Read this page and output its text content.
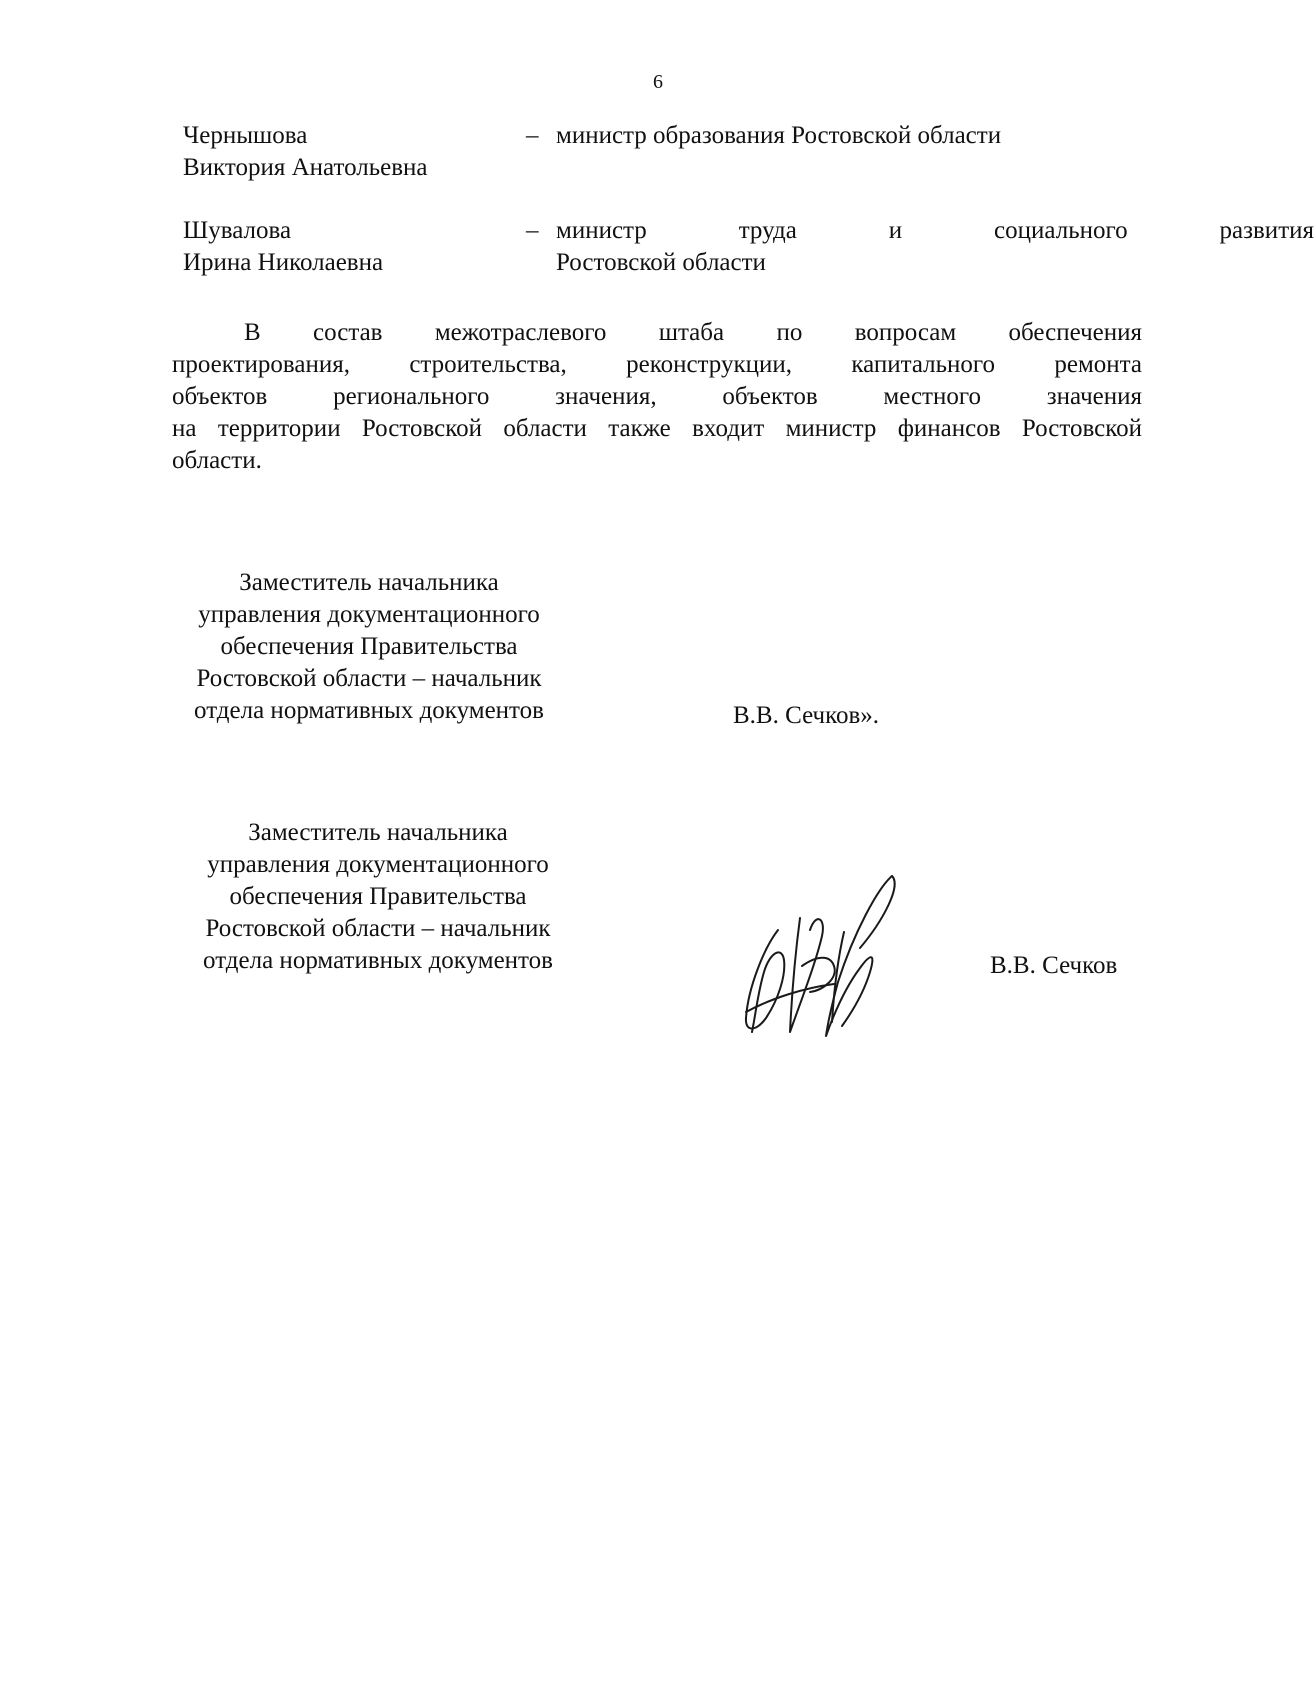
6
Чернышова
Виктория Анатольевна
– министр образования Ростовской области
Шувалова
Ирина Николаевна
– министр труда и социального развития
Ростовской области
В состав межотраслевого штаба по вопросам обеспечения
проектирования, строительства, реконструкции, капитального ремонта
объектов регионального значения, объектов местного значения
на территории Ростовской области также входит министр финансов Ростовской
области.
Заместитель начальника
управления документационного
обеспечения Правительства
Ростовской области – начальник
отдела нормативных документов	В.В. Сечков».
Заместитель начальника
управления документационного
обеспечения Правительства
Ростовской области – начальник
отдела нормативных документов	В.В. Сечков
